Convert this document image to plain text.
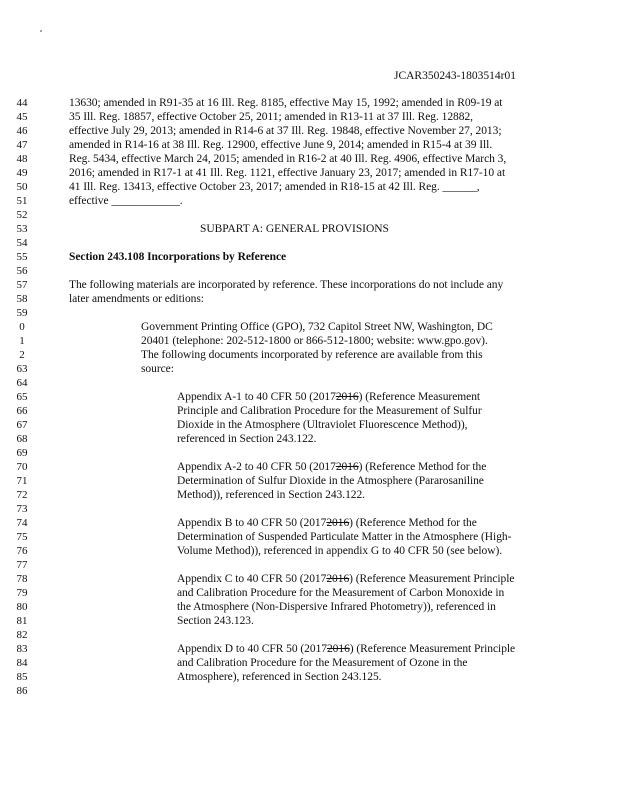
JCAR350243-1803514r01
44	13630; amended in R91-35 at 16 Ill. Reg. 8185, effective May 15, 1992; amended in R09-19 at
45	35 Ill. Reg. 18857, effective October 25, 2011; amended in R13-11 at 37 Ill. Reg. 12882,
46	effective July 29, 2013; amended in R14-6 at 37 Ill. Reg. 19848, effective November 27, 2013;
47	amended in R14-16 at 38 Ill. Reg. 12900, effective June 9, 2014; amended in R15-4 at 39 Ill.
48	Reg. 5434, effective March 24, 2015; amended in R16-2 at 40 Ill. Reg. 4906, effective March 3,
49	2016; amended in R17-1 at 41 Ill. Reg. 1121, effective January 23, 2017; amended in R17-10 at
50	41 Ill. Reg. 13413, effective October 23, 2017; amended in R18-15 at 42 Ill. Reg. ______,
51	effective ____________.
52
53	SUBPART A: GENERAL PROVISIONS
54
55	Section 243.108 Incorporations by Reference
56
57	The following materials are incorporated by reference. These incorporations do not include any
58	later amendments or editions:
59
0	Government Printing Office (GPO), 732 Capitol Street NW, Washington, DC
1	20401 (telephone: 202-512-1800 or 866-512-1800; website: www.gpo.gov).
2	The following documents incorporated by reference are available from this
63	source:
64
65	Appendix A-1 to 40 CFR 50 (20172016) (Reference Measurement
66	Principle and Calibration Procedure for the Measurement of Sulfur
67	Dioxide in the Atmosphere (Ultraviolet Fluorescence Method)),
68	referenced in Section 243.122.
69
70	Appendix A-2 to 40 CFR 50 (20172016) (Reference Method for the
71	Determination of Sulfur Dioxide in the Atmosphere (Pararosaniline
72	Method)), referenced in Section 243.122.
73
74	Appendix B to 40 CFR 50 (20172016) (Reference Method for the
75	Determination of Suspended Particulate Matter in the Atmosphere (High-
76	Volume Method)), referenced in appendix G to 40 CFR 50 (see below).
77
78	Appendix C to 40 CFR 50 (20172016) (Reference Measurement Principle
79	and Calibration Procedure for the Measurement of Carbon Monoxide in
80	the Atmosphere (Non-Dispersive Infrared Photometry)), referenced in
81	Section 243.123.
82
83	Appendix D to 40 CFR 50 (20172016) (Reference Measurement Principle
84	and Calibration Procedure for the Measurement of Ozone in the
85	Atmosphere), referenced in Section 243.125.
86
